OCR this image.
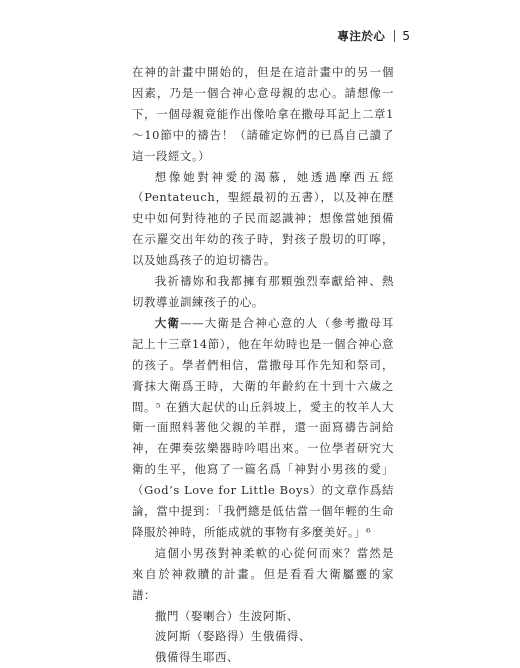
專注於心 5

在神的計畫中開始的，但是在這計畫中的另一個因素，乃是一個合神心意母親的忠心。請想像一下，一個母親竟能作出像哈拿在撒母耳記上二章1～10節中的禱告！（請確定妳們的已爲自己讀了這一段經文。）

想像她對神愛的渴慕，她透過摩西五經（Pentateuch，聖經最初的五書），以及神在歷史中如何對待祂的子民而認識神；想像當她預備在示羅交出年幼的孩子時，對孩子殷切的叮嚀，以及她爲孩子的迫切禱告。

我祈禱妳和我都擁有那顆強烈奉獻給神、熱切教導並訓練孩子的心。

大衛——大衛是合神心意的人（參考撒母耳記上十三章14節），他在年幼時也是一個合神心意的孩子。學者們相信，當撒母耳作先知和祭司，膏抹大衛爲王時，大衛的年齡約在十到十六歲之間。⁵ 在猶大起伏的山丘斜坡上，愛主的牧羊人大衛一面照料著他父親的羊群，還一面寫禱告詞給神，在彈奏弦樂器時吟唱出來。一位學者研究大衛的生平，他寫了一篇名爲「神對小男孩的愛」（God’s Love for Little Boys）的文章作爲結論，當中提到：「我們總是低估當一個年輕的生命降服於神時，所能成就的事物有多麼美好。」⁶

這個小男孩對神柔軟的心從何而來？當然是來自於神救贖的計畫。但是看看大衛屬靈的家譜：

撒門（娶喇合）生波阿斯、

波阿斯（娶路得）生俄備得、

俄備得生耶西、
